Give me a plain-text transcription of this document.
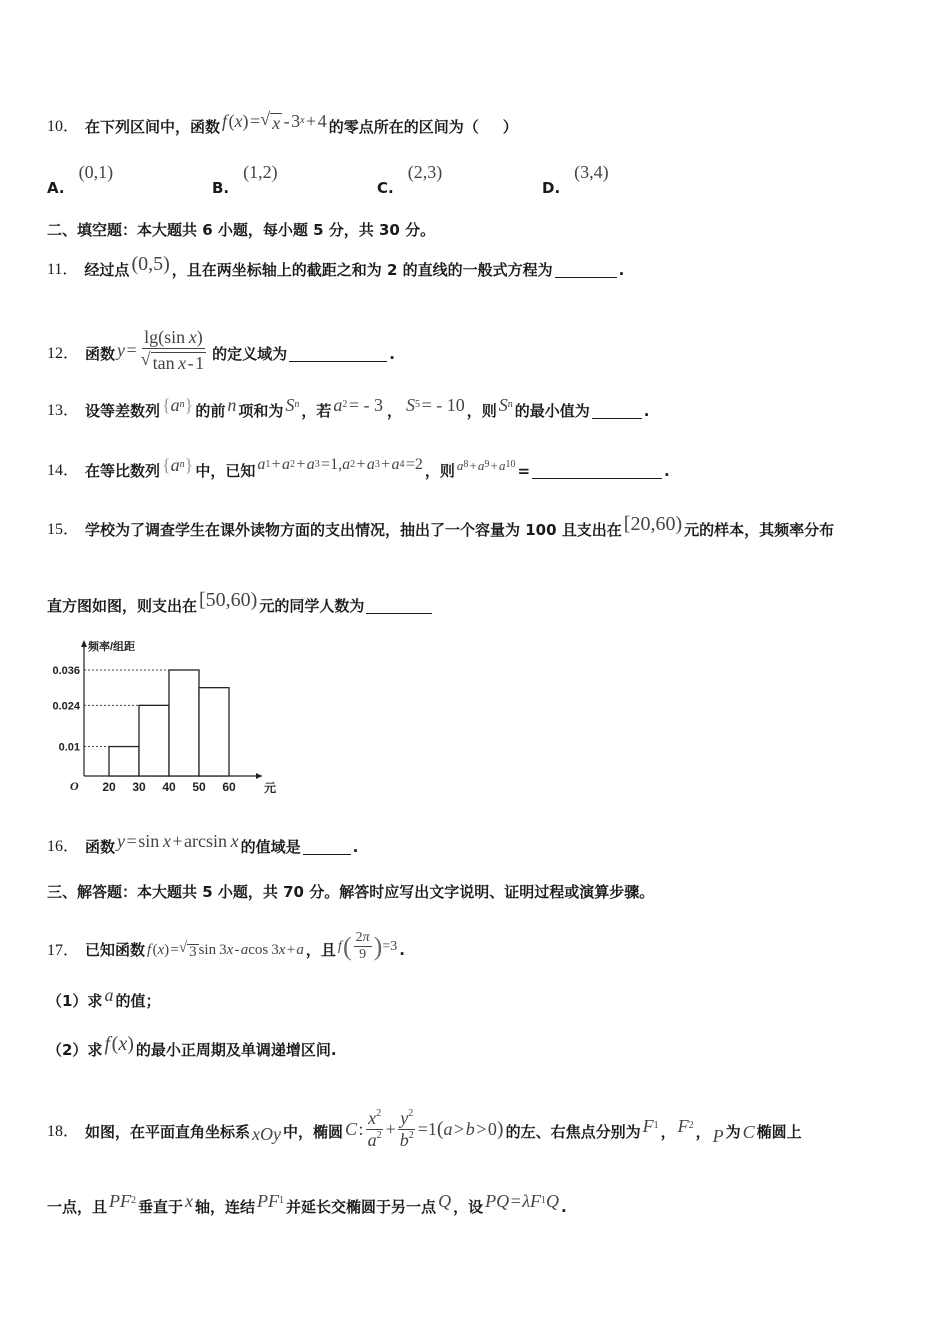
10． 在下列区间中，函数 f  ( x ) = √ x  - 3 x  + 4 的零点所在的区间为（ ）
A.
(0,1)
B.
(1,2)
C.
(2,3)
D.
(3,4)
二、填空题：本大题共 6 小题，每小题 5 分，共 30 分。
11． 经过点 (0,5) ，且在两坐标轴上的截距之和为 2 的直线的一般式方程为	.
12． 函数 y  = $\frac{\text{lg(sin x)}}{\text{√ tan x - 1}}$ 的定义域为	.
13． 设等差数列 { a n } 的前 n 项和为 S n ，若 a 2
  = - 3 ， S 5
  = - 10 ，则 S n 的最小值为	.
14． 在等比数列 { a n } 中，已知 a 1  +  a 2  +  a 3
  =1, a 2  +  a 3  +  a 4
  =2 ，则 a 8  +  a 9  +  a 10 =	.
15． 学校为了调查学生在课外读物方面的支出情况，抽出了一个容量为 100 且支出在 [20,60) 元的样本，其频率分布
直方图如图，则支出在 [50,60) 元的同学人数为
频率/组距
元
O 20 30 40 50 60
0.01
0.024
0.036
16． 函数 y  = sin  x  + arcsin  x 的值域是	.
三、解答题：本大题共 5 小题，共 70 分。解答时应写出文字说明、证明过程或演算步骤。
17． 已知函数 f  ( x ) = √ 3 sin 3 x  -  a cos 3 x  +  a ，且 f
  ( $\frac{2\pi}{9}$ ) =3 .
（1）求 a 的值；
（2）求 f  ( x ) 的最小正周期及单调递增区间.
18． 如图，在平面直角坐标系 xOy 中，椭圆 C  : $\frac{x^2}{a^2} + \frac{y^2}{b^2} =1$ ( a  >  b  > 0 ) 的左、右焦点分别为 F 1 ， F 2 ， P 为 C 椭圆上
一点，且 PF 2 垂直于 x 轴，连结 PF 1 并延长交椭圆于另一点 Q ，设 PQ  =  λF 1 Q .
